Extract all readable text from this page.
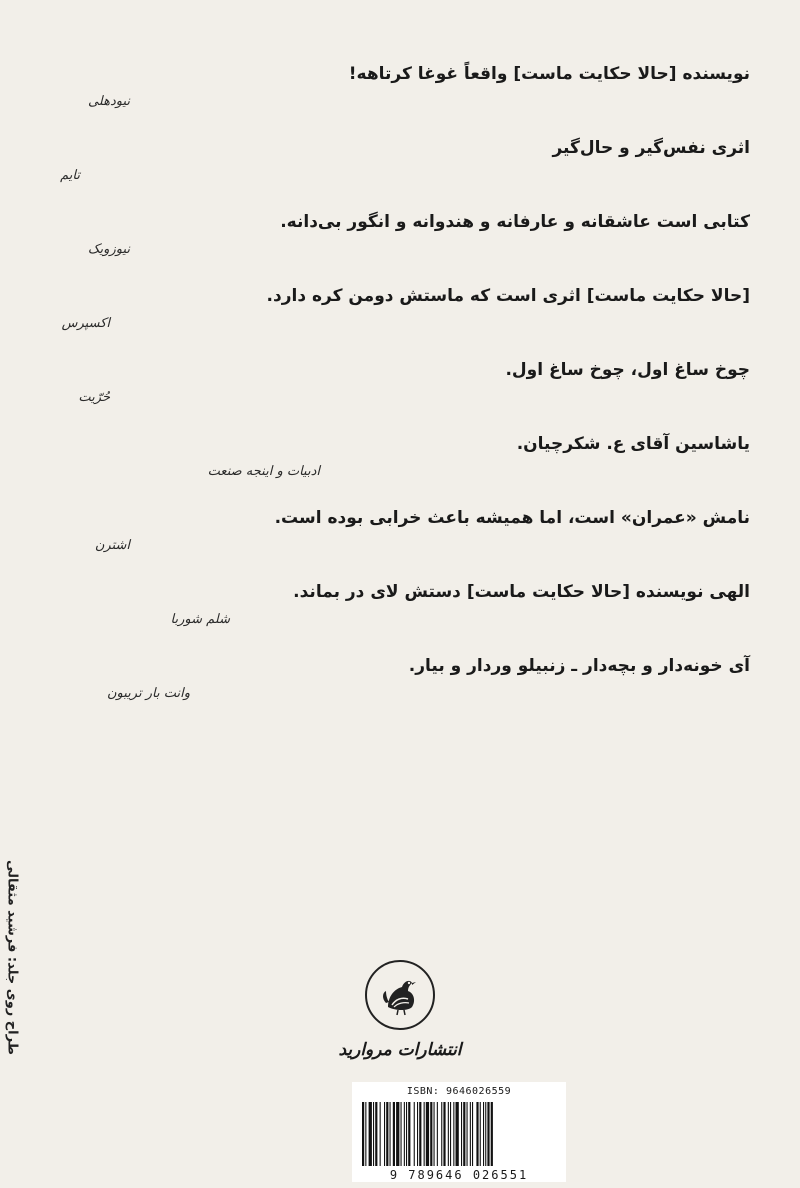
نویسنده [حالا حکایت ماست] واقعاً غوغا کرتاهه!

نیودهلی

اثری نفس‌گیر و حال‌گیر

تایم

کتابی است عاشقانه و عارفانه و هندوانه و انگور بی‌دانه.

نیوزویک

[حالا حکایت ماست] اثری است که ماستش دومن کره دارد.

اکسپرس

چوخ ساغ اول، چوخ ساغ اول.

حُرّیت

یاشاسین آقای ع. شکرچیان.

ادبیات و اینجه صنعت

نامش «عمران» است، اما همیشه باعث خرابی بوده است.

اشترن

الهی نویسنده [حالا حکایت ماست] دستش لای در بماند.

شلم شوربا

آی خونه‌دار و بچه‌دار ـ زنبیلو وردار و بیار.

وانت بار تریبون
طراح روی جلد: فرشید مثقالی	انتشارات مروارید
ISBN: 9646026559
9 789646 026551
